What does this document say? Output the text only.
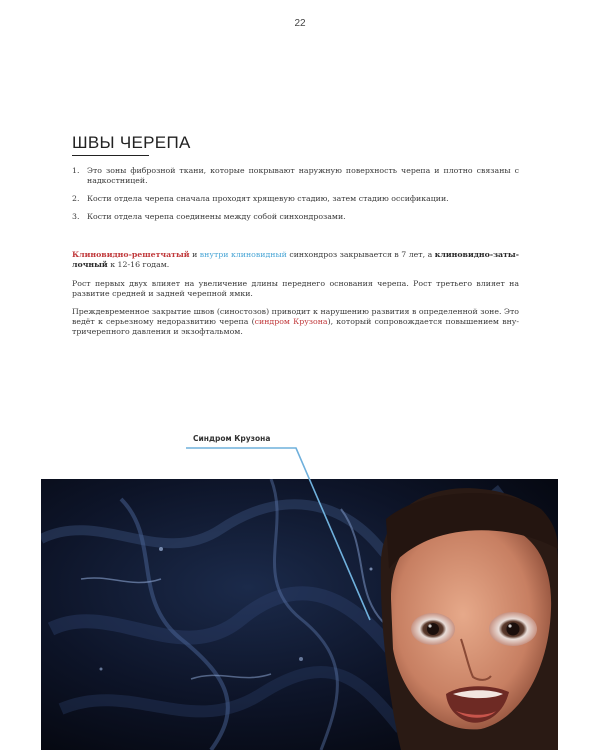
22
ШВЫ ЧЕРЕПА
1. Это зоны фиброзной ткани, которые покрывают наружную поверхность черепа и плотно связаны с надкостницей.
2. Кости отдела черепа сначала проходят хрящевую стадию, затем стадию оссификации.
3. Кости отдела черепа соединены между собой синхондрозами.

Клиновидно-решетчатый и внутри клиновидный синхондроз закрывается в 7 лет, а клиновидно-затылочный к 12-16 годам.

Рост первых двух влияет на увеличение длины переднего основания черепа. Рост третьего влияет на развитие средней и задней черепной ямки.

Преждевременное закрытие швов (синостозов) приводит к нарушению развития в определенной зоне. Это ведёт к серьезному недоразвитию черепа (синдром Крузона), который сопровождается повышением внутричерепного давления и экзофтальмом.

Синдром Крузона
